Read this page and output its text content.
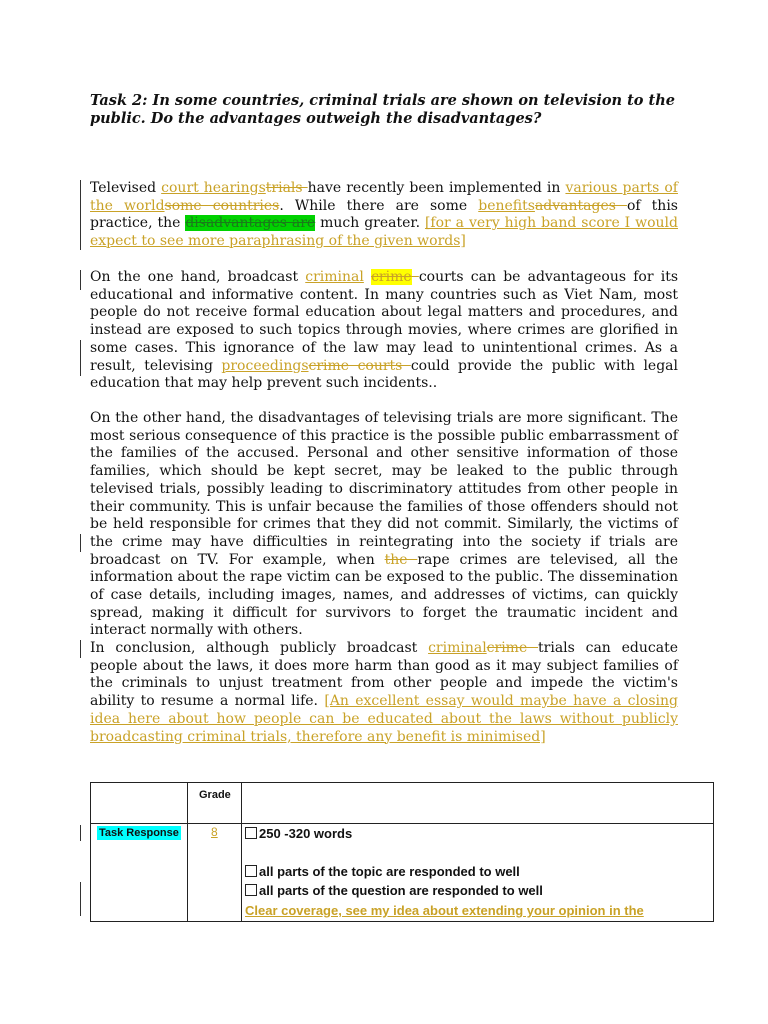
Task 2: In some countries, criminal trials are shown on television to the public. Do the advantages outweigh the disadvantages?

Televised court hearingstrials have recently been implemented in various parts of the worldsome countries. While there are some benefitsadvantages of this practice, the disadvantages are much greater. [for a very high band score I would expect to see more paraphrasing of the given words]

On the one hand, broadcast criminal crime courts can be advantageous for its educational and informative content. In many countries such as Viet Nam, most people do not receive formal education about legal matters and procedures, and instead are exposed to such topics through movies, where crimes are glorified in some cases. This ignorance of the law may lead to unintentional crimes. As a result, televising proceedingscrime courts could provide the public with legal education that may help prevent such incidents..

On the other hand, the disadvantages of televising trials are more significant. The most serious consequence of this practice is the possible public embarrassment of the families of the accused. Personal and other sensitive information of those families, which should be kept secret, may be leaked to the public through televised trials, possibly leading to discriminatory attitudes from other people in their community. This is unfair because the families of those offenders should not be held responsible for crimes that they did not commit. Similarly, the victims of the crime may have difficulties in reintegrating into the society if trials are broadcast on TV. For example, when the rape crimes are televised, all the information about the rape victim can be exposed to the public. The dissemination of case details, including images, names, and addresses of victims, can quickly spread, making it difficult for survivors to forget the traumatic incident and interact normally with others.

In conclusion, although publicly broadcast criminalcrime trials can educate people about the laws, it does more harm than good as it may subject families of the criminals to unjust treatment from other people and impede the victim's ability to resume a normal life. [An excellent essay would maybe have a closing idea here about how people can be educated about the laws without publicly broadcasting criminal trials, therefore any benefit is minimised]

Grade
Task Response	8	250 -320 words
all parts of the topic are responded to well
all parts of the question are responded to well
Clear coverage, see my idea about extending your opinion in the
